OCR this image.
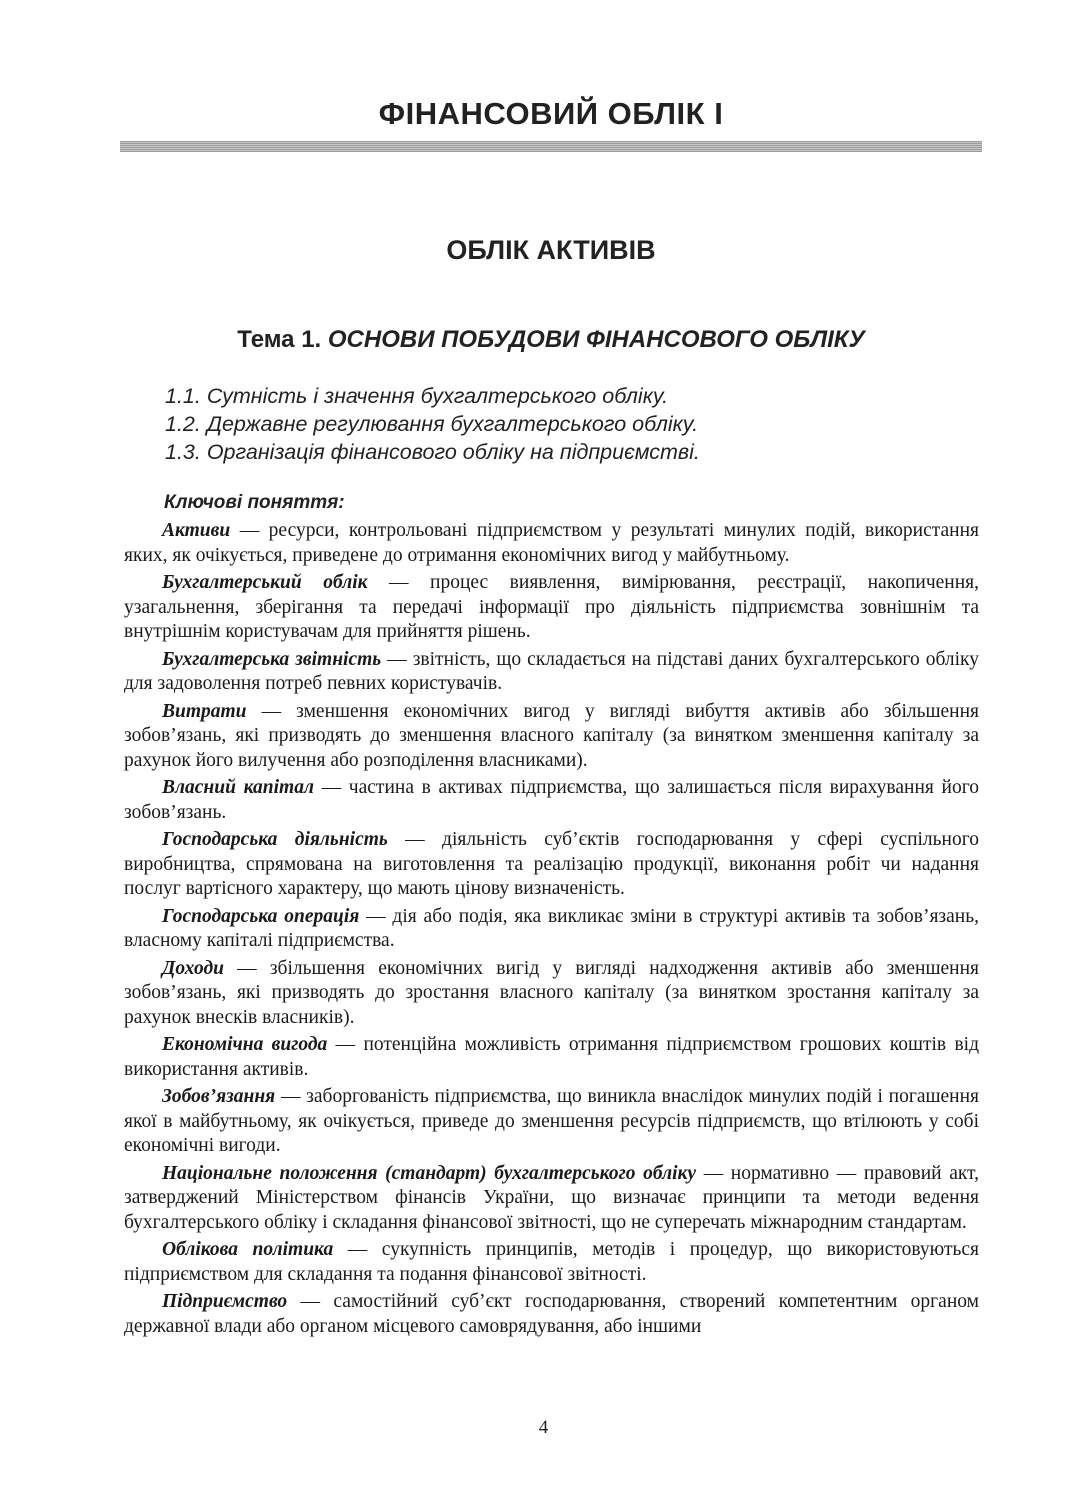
ФІНАНСОВИЙ ОБЛІК І
ОБЛІК АКТИВІВ
Тема 1. ОСНОВИ ПОБУДОВИ ФІНАНСОВОГО ОБЛІКУ
1.1. Сутність і значення бухгалтерського обліку.
1.2. Державне регулювання бухгалтерського обліку.
1.3. Організація фінансового обліку на підприємстві.
Ключові поняття:

Активи — ресурси, контрольовані підприємством у результаті минулих подій, використання яких, як очікується, приведене до отримання економічних вигод у майбутньому.

Бухгалтерський облік — процес виявлення, вимірювання, реєстрації, накопичення, узагальнення, зберігання та передачі інформації про діяльність підприємства зовнішнім та внутрішнім користувачам для прийняття рішень.

Бухгалтерська звітність — звітність, що складається на підставі даних бухгалтерського обліку для задоволення потреб певних користувачів.

Витрати — зменшення економічних вигод у вигляді вибуття активів або збільшення зобов’язань, які призводять до зменшення власного капіталу (за винятком зменшення капіталу за рахунок його вилучення або розподілення власниками).

Власний капітал — частина в активах підприємства, що залишається після вирахування його зобов’язань.

Господарська діяльність — діяльність суб’єктів господарювання у сфері суспільного виробництва, спрямована на виготовлення та реалізацію продукції, виконання робіт чи надання послуг вартісного характеру, що мають цінову визначеність.

Господарська операція — дія або подія, яка викликає зміни в структурі активів та зобов’язань, власному капіталі підприємства.

Доходи — збільшення економічних вигід у вигляді надходження активів або зменшення зобов’язань, які призводять до зростання власного капіталу (за винятком зростання капіталу за рахунок внесків власників).

Економічна вигода — потенційна можливість отримання підприємством грошових коштів від використання активів.

Зобов’язання — заборгованість підприємства, що виникла внаслідок минулих подій і погашення якої в майбутньому, як очікується, приведе до зменшення ресурсів підприємств, що втілюють у собі економічні вигоди.

Національне положення (стандарт) бухгалтерського обліку — нормативно — правовий акт, затверджений Міністерством фінансів України, що визначає принципи та методи ведення бухгалтерського обліку і складання фінансової звітності, що не суперечать міжнародним стандартам.

Облікова політика — сукупність принципів, методів і процедур, що використовуються підприємством для складання та подання фінансової звітності.

Підприємство — самостійний суб’єкт господарювання, створений компетентним органом державної влади або органом місцевого самоврядування, або іншими

4
